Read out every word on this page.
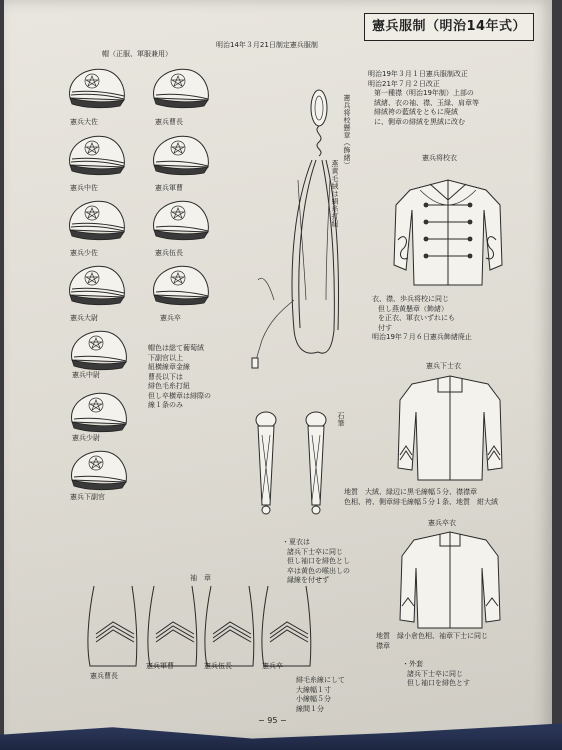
憲兵服制（明治14年式）
明治14年３月21日制定憲兵服制
帽（正服、軍服兼用）
憲兵大佐	憲兵曹長
憲兵中佐	憲兵軍曹
憲兵少佐	憲兵伍長
憲兵大尉	憲兵卒
憲兵中尉
憲兵少尉
憲兵下副官
帽色は総て葡萄絨
下副官以上
紐横線章金線
曹長以下は
緋色毛糸打紐
但し卒横章は緋際の
線１条のみ
憲兵将校懸章（飾緒）
燕黄毛絨は絹糸打紐
石筆
明治19年３月１日憲兵服制改正
明治21年７月２日改正
第一種襟（明治19年制）上部の
絨緒、衣の袖、襟、玉緑、肩章等
緋絨袴の藍絨をともに廃絨
に、側章の緋絨を黒絨に改む
憲兵将校衣
衣、襟、歩兵将校に同じ
但し燕黄懸章（飾緒）
を正衣、軍衣いずれにも
付す
明治19年７月６日憲兵飾緒廃止
憲兵下士衣
地質　大絨、緑辺に黒毛線幅５分、襟襟章
色相、袴、側章緋毛線幅５分１条、地質　紺大絨
憲兵卒衣
地質　緑小倉色相、袖章下士に同じ
襟章
・夏衣は
諸兵下士卒に同じ
但し袖口を緋色とし
卒は黄色の喉出しの
縁線を付せず
・外套
諸兵下士卒に同じ
但し袖口を緋色とす
袖　章
憲兵曹長
憲兵軍曹	憲兵伍長	憲兵卒
緋毛糸線にして
大線幅１寸
小線幅５分
線間１分
− 95 −
